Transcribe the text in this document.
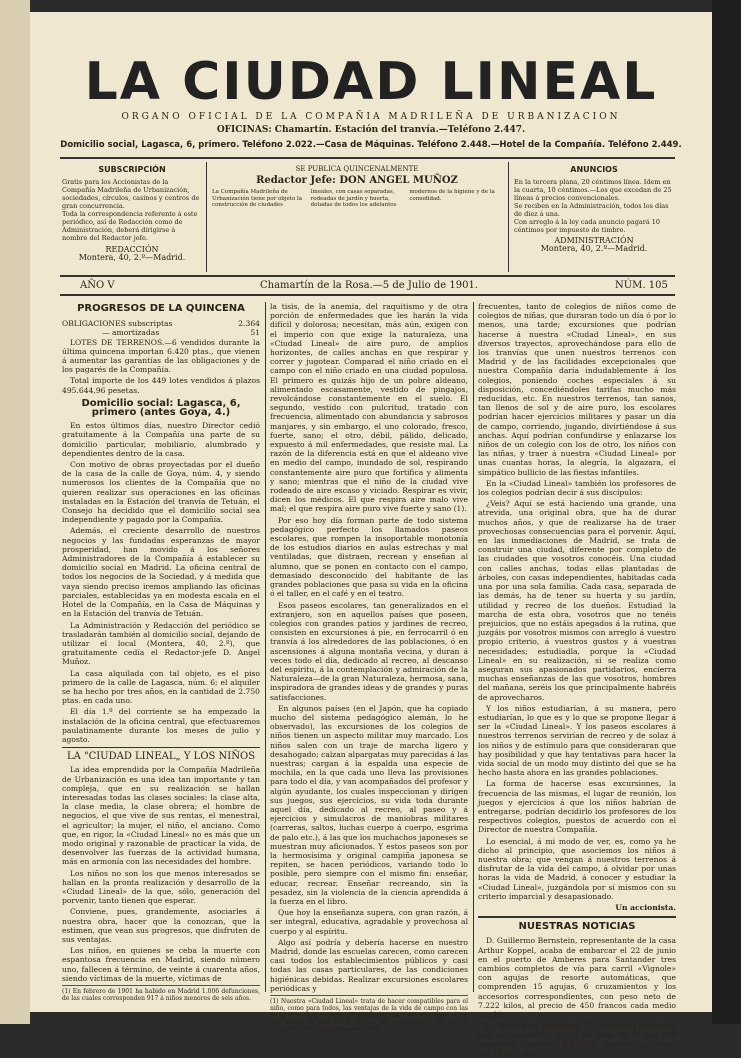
LA CIUDAD LINEAL
ORGANO OFICIAL DE LA COMPAÑIA MADRILEÑA DE URBANIZACION
OFICINAS: Chamartín. Estación del tranvía.—Teléfono 2.447.
Domicilio social, Lagasca, 6, primero. Teléfono 2.022.—Casa de Máquinas. Teléfono 2.448.—Hotel de la Compañía. Teléfono 2.449.
SUBSCRIPCIÓN
Gratis para los Accionistas de la Compañía Madrileña de Urbanización, sociedades, círculos, casinos y centros de gran concurrencia.
Toda la correspondencia referente á este periódico, así de Redacción como de Administración, deberá dirigirse á nombre del Redactor jefe.
REDACCIÓN
Montera, 40, 2.º—Madrid.
SE PUBLICA QUINCENALMENTE
Redactor Jefe: DON ANGEL MUÑOZ
La Compañía Madrileña de Urbanización tiene por objeto la construcción de ciudades lineales, con casas separadas, rodeadas de jardín y huerta, dotadas de todos los adelantos modernos de la higiene y de la comodidad.
ANUNCIOS
En la tercera plana, 20 céntimos línea. Idem en la cuarta, 10 céntimos.—Los que excedan de 25 líneas á precios convencionales.
Se reciben en la Administración, todos los días de diez á una.
Con arreglo á la ley cada anuncio pagará 10 céntimos por impuesto de timbre.
ADMINISTRACIÓN
Montera, 40, 2.º—Madrid.
AÑO V	Chamartín de la Rosa.—5 de Julio de 1901.	NÚM. 105
PROGRESOS DE LA QUINCENA
OBLIGACIONES subscriptas	2.364
— amortizadas	51

LOTES DE TERRENOS.—6 vendidos durante la última quincena importan 6.420 ptas., que vienen á aumentar las garantías de las obligaciones y de los pagarés de la Compañía.

Total importe de los 449 lotes vendidos á plazos 495.644,96 pesetas.

Domicilio social: Lagasca, 6, primero (antes Goya, 4.)

En estos últimos días, nuestro Director cedió gratuitamente á la Compañía una parte de su domicilio particular, mobiliario, alumbrado y dependientes dentro de la casa.

Con motivo de obras proyectadas por el dueño de la casa de la calle de Goya, núm. 4, y siendo numerosos los clientes de la Compañía que no quieren realizar sus operaciones en las oficinas instaladas en la Estación del tranvía de Tetuán, el Consejo ha decidido que el domicilio social sea independiente y pagado por la Compañía.

Además, el creciente desarrollo de nuestros negocios y las fundadas esperanzas de mayor prosperidad, han movido á los señores Administradores de la Compañía á establecer su domicilio social en Madrid. La oficina central de todos los negocios de la Sociedad, y á medida que vaya siendo preciso iremos ampliando las oficinas parciales, establecidas ya en modesta escala en el Hotel de la Compañía, en la Casa de Máquinas y en la Estación del tranvía de Tetuán.

La Administración y Redacción del periódico se trasladarán también al domicilio social, dejando de utilizar el local (Montera, 40, 2.º), que gratuitamente cedía el Redactor-jefe D. Angel Muñoz.

La casa alquilada con tal objeto, es el piso primero de la calle de Lagasca, núm. 6; el alquiler se ha hecho por tres años, en la cantidad de 2.750 ptas. en cada uno.

El día 1.º del corriente se ha empezado la instalación de la oficina central, que efectuaremos paulatinamente durante los meses de julio y agosto.

LA "CIUDAD LINEAL„ Y LOS NIÑOS

La idea emprendida por la Compañía Madrileña de Urbanización es una idea tan importante y tan compleja, que en su realización se hallan interesadas todas las clases sociales: la clase alta, la clase media, la clase obrera; el hombre de negocios, el que vive de sus rentas, el menestral, el agricultor; la mujer, el niño, el anciano. Como que, en rigor, la «Ciudad Lineal» no es más que un modo original y razonable de practicar la vida, de desenvolver las fuerzas de la actividad humana, más en armonía con las necesidades del hombre.

Los niños no son los que menos interesados se hallan en la pronta realización y desarrollo de la «Ciudad Lineal» de la que, sólo, generación del porvenir, tanto tienen que esperar.

Conviene, pues, grandemente, asociarles á nuestra obra, hacer que la conozcan, que la estimen, que vean sus progresos, que disfruten de sus ventajas.

Los niños, en quienes se ceba la muerte con espantosa frecuencia en Madrid, siendo número uno, fallecen á término, de veinte á cuarenta años, siendo víctimas de la muerte, víctimas de

(1) En febrero de 1901 ha habido en Madrid 1.006 defunciones, de las cuales corresponden 917 á niños menores de seis años.

la tisis, de la anemia, del raquitismo y de otra porción de enfermedades que les harán la vida difícil y dolorosa; necesitan, más aún, exigen con el imperio con que exige la naturaleza, una «Ciudad Lineal» de aire puro, de amplios horizontes, de calles anchas en que respirar y correr y jugotear. Comparad el niño criado en el campo con el niño criado en una ciudad populosa. El primero es quizás hijo de un pobre aldeano, alimentado escasamente, vestido de pingajos, revolcándose constantemente en el suelo. El segundo, vestido con pulcritud, tratado con frecuencia, alimentado con abundancia y sabrosos manjares, y sin embargo, el uno colorado, fresco, fuerte, sano; el otro, débil, pálido, delicado, expuesto á mil enfermedades, que resiste mal. La razón de la diferencia está en que el aldeano vive en medio del campo, inundado de sol, respirando constantemente aire puro que fortifica y alimenta y sano; mientras que el niño de la ciudad vive rodeado de aire escaso y viciado. Respirar es vivir, dicen los médicos. El que respira aire malo vive mal; el que respira aire puro vive fuerte y sano (1).

Por eso hoy día forman parte de todo sistema pedagógico perfecto los llamados paseos escolares, que rompen la insoportable monotonía de los estudios diarios en aulas estrechas y mal ventiladas, que distraen, recrean y enseñan al alumno, que se ponen en contacto con el campo, demasiado desconocido del habitante de las grandes poblaciones que pasa su vida en la oficina ó el taller, en el café y en el teatro.

Esos paseos escolares, tan generalizados en el extranjero, son en aquellos países que poseen, colegios con grandes patios y jardines de recreo, consisten en excursiones á pie, en ferrocarril ó en tranvía á los alrededores de las poblaciones, ó en ascensiones á alguna montaña vecina, y duran á veces todo el día, dedicado al recreo, al descanso del espíritu, á la contemplación y admiración de la Naturaleza—de la gran Naturaleza, hermosa, sana, inspiradora de grandes ideas y de grandes y puras satisfacciones.

En algunos países (en el Japón, que ha copiado mucho del sistema pedagógico alemán, lo he observado), las excursiones de los colegios de niños tienen un aspecto militar muy marcado. Los niños salen con un traje de marcha ligero y desahogado; calzan alpargatas muy parecidas á las nuestras; cargan á la espalda una especie de mochila, en la que cada uno lleva las provisiones para todo el día, y van acompañados del profesor y algún ayudante, los cuales inspeccionan y dirigen sus juegos, sus ejercicios, su vida toda durante aquel día, dedicado al recreo, al paseo y á ejercicios y simulacros de maniobras militares (carreras, saltos, luchas cuerpo á cuerpo, esgrima de palo etc.), á las que los muchachos japoneses se muestran muy aficionados. Y estos paseos son por la hermosísima y original campiña japonesa se repiten, se hacen periódicos, variando todo lo posible, pero siempre con el mismo fin: enseñar, educar, recrear. Enseñar recreando, sin la pesadez, sin la violencia de la ciencia aprendida á la fuerza en el libro.

Que hoy la enseñanza supera, con gran razón, á ser integral, educativa, agradable y provechosa al cuerpo y al espíritu.

Algo así podría y debería hacerse en nuestro Madrid, donde las escuelas carecen, como carecen casi todos los establecimientos públicos y casi todas las casas particulares, de las condiciones higiénicas debidas. Realizar excursiones escolares periódicas y

(1) Nuestra «Ciudad Lineal» trata de hacer compatibles para el niño, como para todos, las ventajas de la vida de campo con las de la vida en la ciudad; alimentación sana, sol, aire puro, á los que añade la vida en la ciudad las comodidades del vestir, comodidad en las habitaciones, etc.

frecuentes, tanto de colegios de niños como de colegios de niñas, que duraran todo un día ó por lo menos, una tarde; excursiones que podrían hacerse á nuestra «Ciudad Lineal», en sus diversos trayectos, aprovechándose para ello de los tranvías que unen nuestros terrenos con Madrid y de las facilidades excepcionales que nuestra Compañía daría indudablemente á los colegios, poniendo coches especiales á su disposición, concediéndoles tarifas mucho más reducidas, etc. En nuestros terrenos, tan sanos, tan llenos de sol y de aire puro, los escolares podrían hacer ejercicios militares y pasar un día de campo, corriendo, jugando, divirtiéndose á sus anchas. Aquí podrían confundirse y enlazarse los niños de un colegio con los de otro, los niños con las niñas, y traer á nuestra «Ciudad Lineal» por unas cuantas horas, la alegría, la algazara, el simpático bullicio de las fiestas infantiles.

En la «Ciudad Lineal» también los profesores de los colegios podrían decir á sus discípulos:

¿Veis? Aquí se está haciendo una grande, una atrevida, una original obra, que ha de durar muchos años, y que de realizarse ha de traer provechosas consecuencias para el porvenir. Aquí, en las inmediaciones de Madrid, se trata de construir una ciudad, diferente por completo de las ciudades que vosotros conocéis. Una ciudad con calles anchas, todas ellas plantadas de árboles, con casas independientes, habitadas cada una por una sola familia. Cada casa, separada de las demás, ha de tener su huerta y su jardín, utilidad y recreo de los dueños. Estudiad la marcha de esta obra, vosotros que no tenéis prejuicios, que no estáis apegados á la rutina, que juzgáis por vosotros mismos con arreglo á vuestro propio criterio, á vuestros gustos y á vuestras necesidades; estudiadla, porque la «Ciudad Lineal» en su realización, si se realiza como aseguran sus apasionados partidarios, encierra muchas enseñanzas de las que vosotros, hombres del mañana, seréis los que principalmente habréis de aprovecharos.

Y los niños estudiarían, á su manera, pero estudiarían, lo que es y lo que se propone llegar á ser la «Ciudad Lineal». Y los paseos escolares á nuestros terrenos servirían de recreo y de solaz á los niños y de estímulo para que consideraran que hay posibilidad y que hay tentativas para hacer la vida social de un modo muy distinto del que se ha hecho hasta ahora en las grandes poblaciones.

La forma de hacerse esas excursiones, la frecuencia de las mismas, el lugar de reunión, los juegos y ejercicios á que los niños habrían de entregarse, podrían decidirlo los profesores de los respectivos colegios, puestos de acuerdo con el Director de nuestra Compañía.

Lo esencial, á mi modo de ver, es, como ya he dicho al principio, que asociemos los niños á nuestra obra; que vengan á nuestros terrenos á disfrutar de la vida del campo, á olvidar por unas horas la vida de Madrid, á conocer y estudiar la «Ciudad Lineal», juzgándola por sí mismos con su criterio imparcial y desapasionado.

Un accionista.
NUESTRAS NOTICIAS

D. Guillermo Bernstein, representante de la casa Arthur Koppel, acaba de embarcar el 22 de junio en el puerto de Amberes para Santander tres cambios completos de vía para carril «Vignole» con agujas de resorte automáticas, que comprenden 15 agujas, 6 cruzamientos y los accesorios correspondientes, con peso neto de 7.222 kilos, al precio de 450 francos cada medio cambio.

La factura ha importado 2.700 francos efectivos, que al cambio del día 26 de junio de 40 por 100 equivalen á pesetas 3.872,40, pagados al mismo día 26 de junio.
